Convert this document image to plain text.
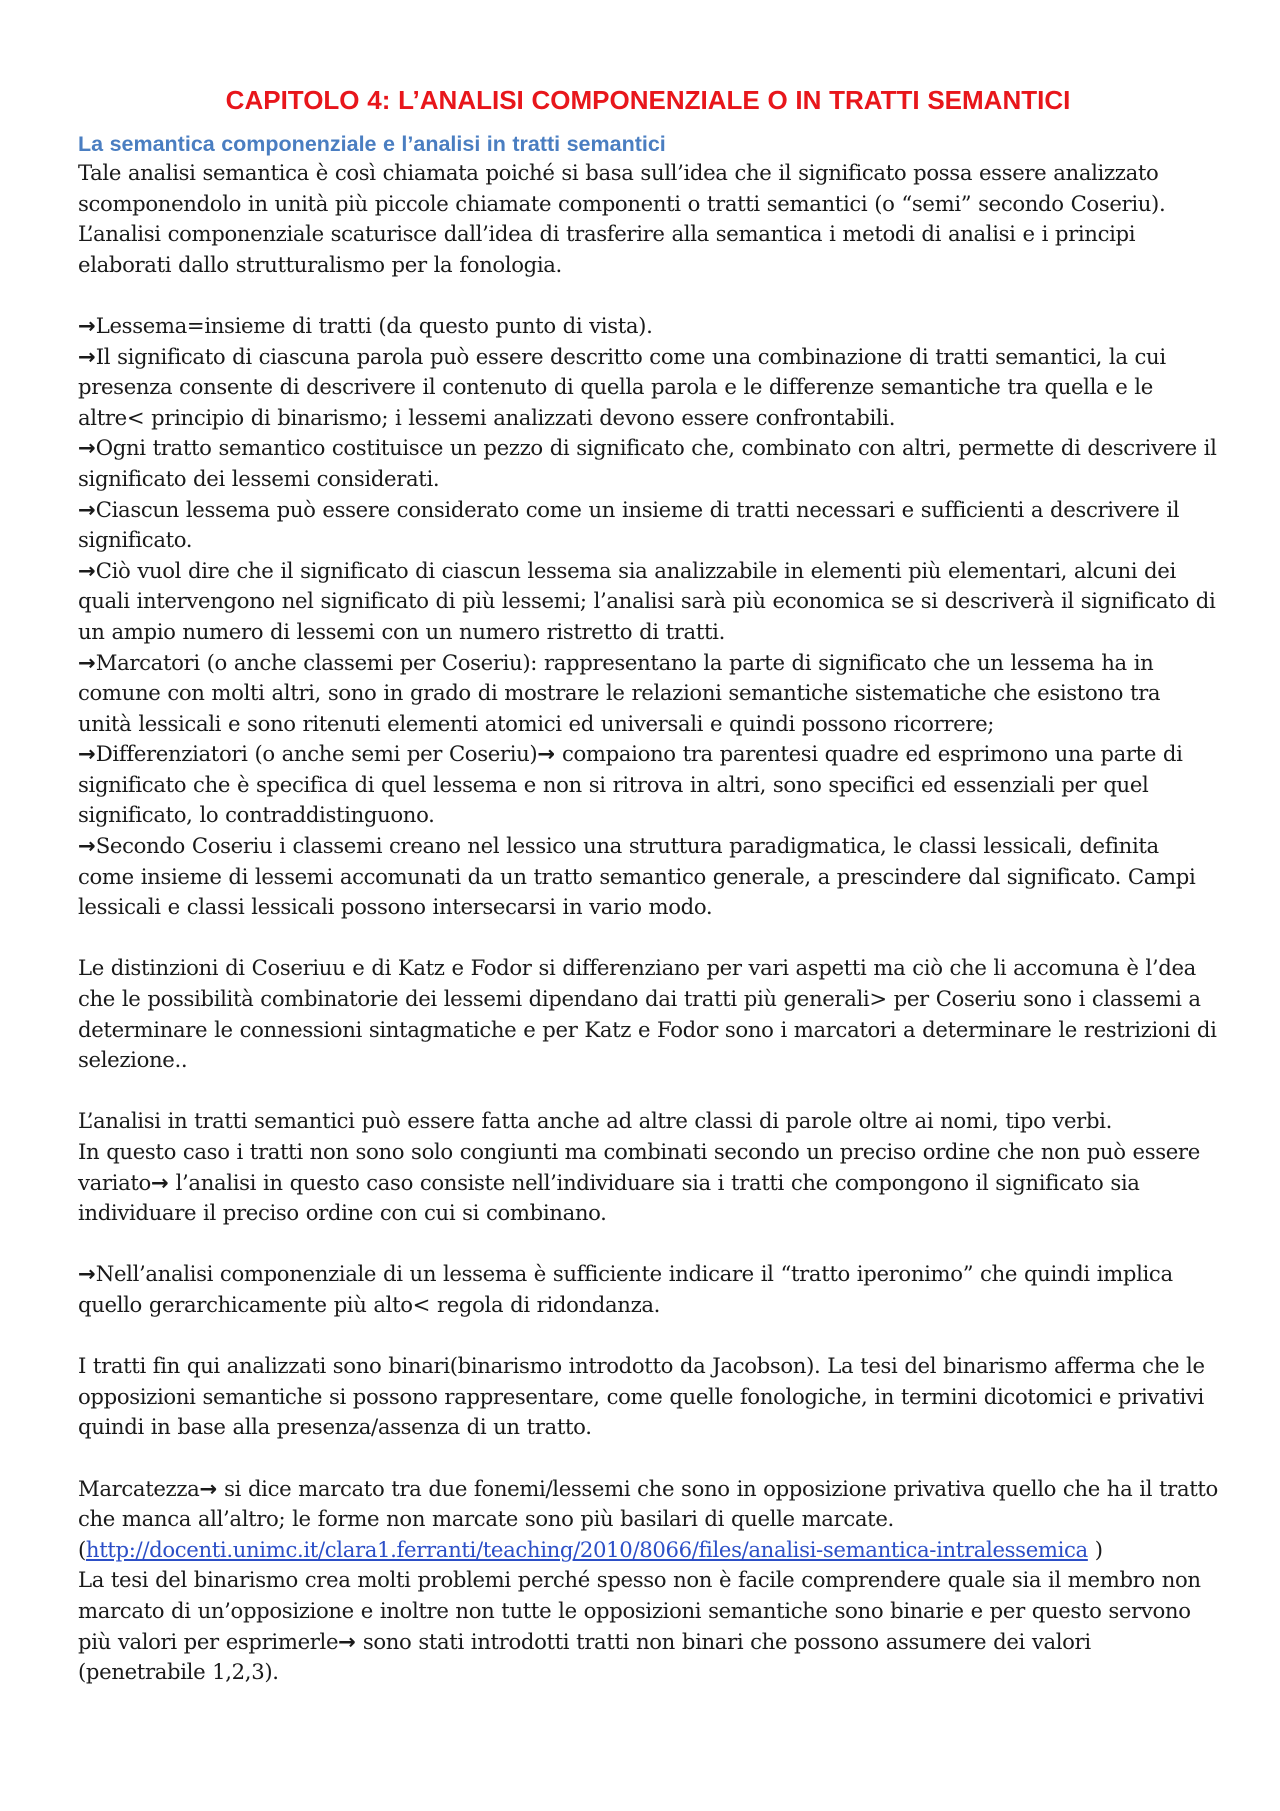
CAPITOLO 4: L’ANALISI COMPONENZIALE O IN TRATTI SEMANTICI
La semantica componenziale e l’analisi in tratti semantici

Tale analisi semantica è così chiamata poiché si basa sull’idea che il significato possa essere analizzato scomponendolo in unità più piccole chiamate componenti o tratti semantici (o “semi” secondo Coseriu).

L’analisi componenziale scaturisce dall’idea di trasferire alla semantica i metodi di analisi e i principi elaborati dallo strutturalismo per la fonologia.

→Lessema=insieme di tratti (da questo punto di vista).

→Il significato di ciascuna parola può essere descritto come una combinazione di tratti semantici, la cui presenza consente di descrivere il contenuto di quella parola e le differenze semantiche tra quella e le altre< principio di binarismo; i lessemi analizzati devono essere confrontabili.

→Ogni tratto semantico costituisce un pezzo di significato che, combinato con altri, permette di descrivere il significato dei lessemi considerati.

→Ciascun lessema può essere considerato come un insieme di tratti necessari e sufficienti a descrivere il significato.

→Ciò vuol dire che il significato di ciascun lessema sia analizzabile in elementi più elementari, alcuni dei quali intervengono nel significato di più lessemi; l’analisi sarà più economica se si descriverà il significato di un ampio numero di lessemi con un numero ristretto di tratti.

→Marcatori (o anche classemi per Coseriu): rappresentano la parte di significato che un lessema ha in comune con molti altri, sono in grado di mostrare le relazioni semantiche sistematiche che esistono tra unità lessicali e sono ritenuti elementi atomici ed universali e quindi possono ricorrere;

→Differenziatori (o anche semi per Coseriu)→ compaiono tra parentesi quadre ed esprimono una parte di significato che è specifica di quel lessema e non si ritrova in altri, sono specifici ed essenziali per quel significato, lo contraddistinguono.

→Secondo Coseriu i classemi creano nel lessico una struttura paradigmatica, le classi lessicali, definita come insieme di lessemi accomunati da un tratto semantico generale, a prescindere dal significato. Campi lessicali e classi lessicali possono intersecarsi in vario modo.

Le distinzioni di Coseriuu e di Katz e Fodor si differenziano per vari aspetti ma ciò che li accomuna è l’dea che le possibilità combinatorie dei lessemi dipendano dai tratti più generali> per Coseriu sono i classemi a determinare le connessioni sintagmatiche e per Katz e Fodor sono i marcatori a determinare le restrizioni di selezione..

L’analisi in tratti semantici può essere fatta anche ad altre classi di parole oltre ai nomi, tipo verbi.

In questo caso i tratti non sono solo congiunti ma combinati secondo un preciso ordine che non può essere variato→ l’analisi in questo caso consiste nell’individuare sia i tratti che compongono il significato sia individuare il preciso ordine con cui si combinano.

→Nell’analisi componenziale di un lessema è sufficiente indicare il “tratto iperonimo” che quindi implica quello gerarchicamente più alto< regola di ridondanza.

I tratti fin qui analizzati sono binari(binarismo introdotto da Jacobson). La tesi del binarismo afferma che le opposizioni semantiche si possono rappresentare, come quelle fonologiche, in termini dicotomici e privativi quindi in base alla presenza/assenza di un tratto.

Marcatezza→ si dice marcato tra due fonemi/lessemi che sono in opposizione privativa quello che ha il tratto che manca all’altro; le forme non marcate sono più basilari di quelle marcate. (http://docenti.unimc.it/clara1.ferranti/teaching/2010/8066/files/analisi-semantica-intralessemica )

La tesi del binarismo crea molti problemi perché spesso non è facile comprendere quale sia il membro non marcato di un’opposizione e inoltre non tutte le opposizioni semantiche sono binarie e per questo servono più valori per esprimerle→ sono stati introdotti tratti non binari che possono assumere dei valori (penetrabile 1,2,3).
